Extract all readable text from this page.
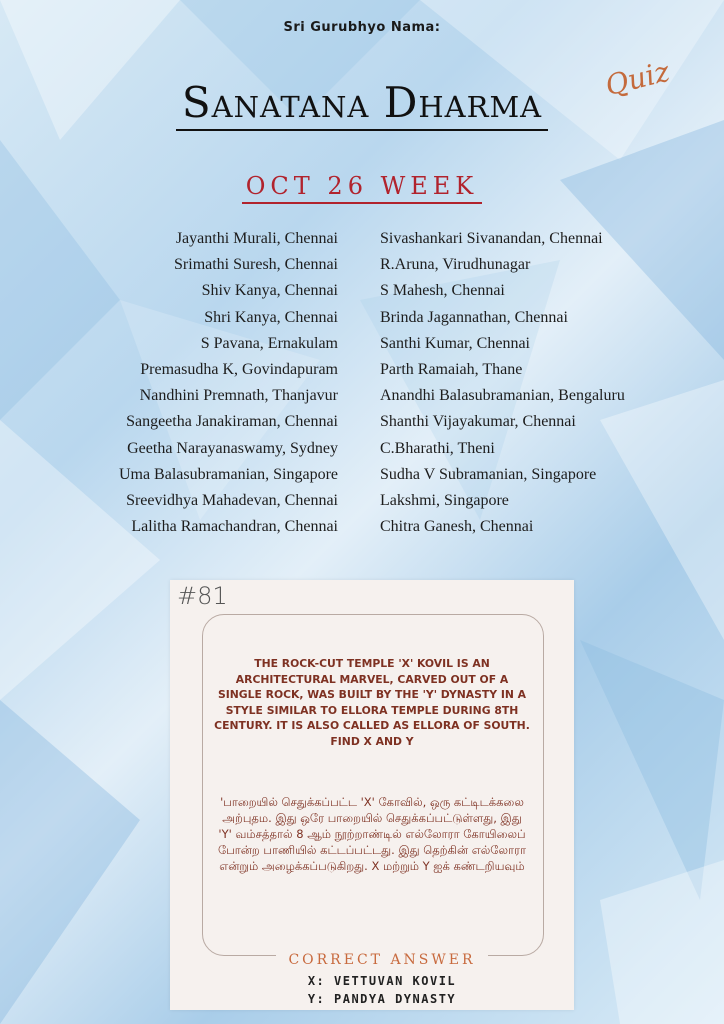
Sri Gurubhyo Nama:
Sanatana Dharma	Quiz
OCT 26 WEEK
Jayanthi Murali, Chennai
Srimathi Suresh, Chennai
Shiv Kanya, Chennai
Shri Kanya, Chennai
S Pavana, Ernakulam
Premasudha K, Govindapuram
Nandhini Premnath, Thanjavur
Sangeetha Janakiraman, Chennai
Geetha Narayanaswamy, Sydney
Uma Balasubramanian, Singapore
Sreevidhya Mahadevan, Chennai
Lalitha Ramachandran, Chennai
Sivashankari Sivanandan, Chennai
R.Aruna, Virudhunagar
S Mahesh, Chennai
Brinda Jagannathan, Chennai
Santhi Kumar, Chennai
Parth Ramaiah, Thane
Anandhi Balasubramanian, Bengaluru
Shanthi Vijayakumar, Chennai
C.Bharathi, Theni
Sudha V Subramanian, Singapore
Lakshmi, Singapore
Chitra Ganesh, Chennai
#81
THE ROCK-CUT TEMPLE 'X' KOVIL IS AN ARCHITECTURAL MARVEL, CARVED OUT OF A SINGLE ROCK, WAS BUILT BY THE 'Y' DYNASTY IN A STYLE SIMILAR TO ELLORA TEMPLE DURING 8TH CENTURY. IT IS ALSO CALLED AS ELLORA OF SOUTH. FIND X AND Y
'பாறையில் செதுக்கப்பட்ட 'X' கோவில், ஒரு கட்டிடக்கலை அற்புதம. இது ஒரே பாறையில் செதுக்கப்பட்டுள்ளது, இது 'Y' வம்சத்தால் 8 ஆம் நூற்றாண்டில் எல்லோரா கோயிலைப் போன்ற பாணியில் கட்டப்பட்டது. இது தெற்கின் எல்லோரா என்றும் அழைக்கப்படுகிறது. X மற்றும் Y ஐக் கண்டறியவும்
CORRECT ANSWER
X: VETTUVAN KOVIL
Y: PANDYA DYNASTY
